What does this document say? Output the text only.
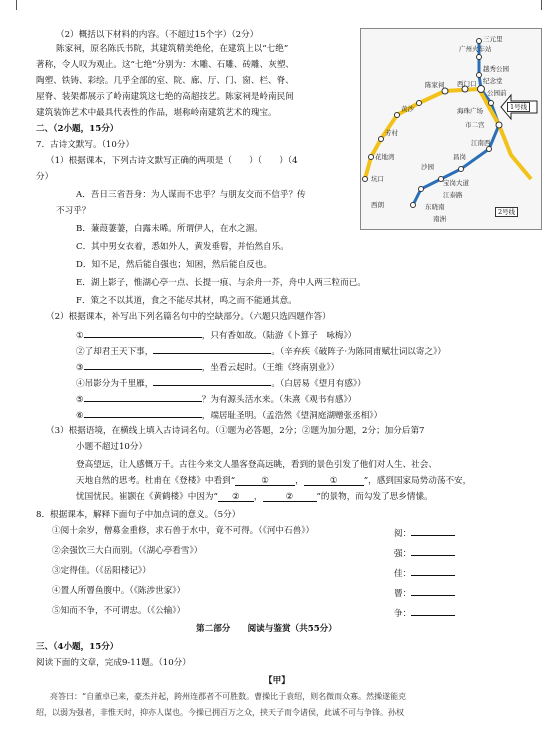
（2）概括以下材料的内容。（不超过15个字）（2分）
陈家祠，原名陈氏书院，其建筑精美绝伦，在建筑上以“七绝”
著称，令人叹为观止。这“七绝”分别为：木雕、石雕、砖雕、灰塑、
陶塑、铁铸、彩绘。几乎全部的室、院、廊、厅、门、窗、栏、脊、
屋脊、装架都展示了岭南建筑这七绝的高超技艺。陈家祠是岭南民间
建筑装饰艺术中最具代表性的作品，堪称岭南建筑艺术的瑰宝。
三元里
广州火车站
越秀公园
纪念堂
陈家祠 西门口
公园前
海珠广场
市二宫
江南西
昌岗
黄沙
芳村
花地湾
坑口
西朗
沙园
宝岗大道
江泰路
东晓南
南洲
1号线
2号线
二、（2小题，15分）
7．古诗文默写。（10分）
（1）根据课本，下列古诗文默写正确的两项是（　　）（　　）（4
分）
A．吾日三省吾身：为人谋而不忠乎？与朋友交而不信乎？传
不习乎？
B．蒹葭萋萋，白露未晞。所谓伊人，在水之湄。
C．其中男女衣着，悉如外人，黄发垂髫，并怡然自乐。
D．知不足，然后能自强也；知困，然后能自反也。
E．湖上影子，惟湖心亭一点、长提一痕、与余舟一芥，舟中人两三粒而已。
F．策之不以其道，食之不能尽其材，鸣之而不能通其意。
（2）根据课本，补写出下列名篇名句中的空缺部分。（六题只选四题作答）
①	，只有香如故。（陆游《卜算子　咏梅》）
②了却君王天下事，	。（辛弃疾《破阵子·为陈同甫赋壮词以寄之》）
③	，坐看云起时。（王维《终南别业》）
④吊影分为千里雁，	。（白居易《望月有感》）
⑤	？为有源头活水来。（朱熹《观书有感》）
⑥	，端居耻圣明。（孟浩然《望洞庭湖赠张丞相》）
（3）根据语境，在横线上填入古诗词名句。（①题为必答题，2分；②题为加分题，2分；加分后第7
小题不超过10分）
登高望远，让人感慨万千。古往今来文人墨客登高远眺，看到的景色引发了他们对人生、社会、
天地自然的思考。杜甫在《登楼》中看到“	①	，	①	”，感到国家局势动荡不安，
忧国忧民。崔颢在《黄鹤楼》中因为“ ② ，	②	”的景物，而勾发了思乡情愫。
8．根据课本，解释下面句子中加点词的意义。（5分）
①阅十余岁，僧募金重修，求石兽于水中，竟不可得。（《河中石兽》）	阅：
②余强饮三大白而别。（《湖心亭看雪》）	强：
③定得佳。（《岳阳楼记》）	佳：
④置人所罾鱼腹中。（《陈涉世家》）	罾：
⑤知而不争，不可谓忠。（《公输》）	争：
第二部分　　阅读与鉴赏（共55分）
三、（4小题，15分）
阅读下面的文章，完成9-11题。（10分）
【甲】
亮答曰：“自董卓已来，豪杰并起，跨州连郡者不可胜数。曹操比于袁绍，则名微而众寡。然操遂能克
绍，以弱为强者，非惟天时，抑亦人谋也。今操已拥百万之众，挟天子而令诸侯，此诚不可与争锋。孙权
